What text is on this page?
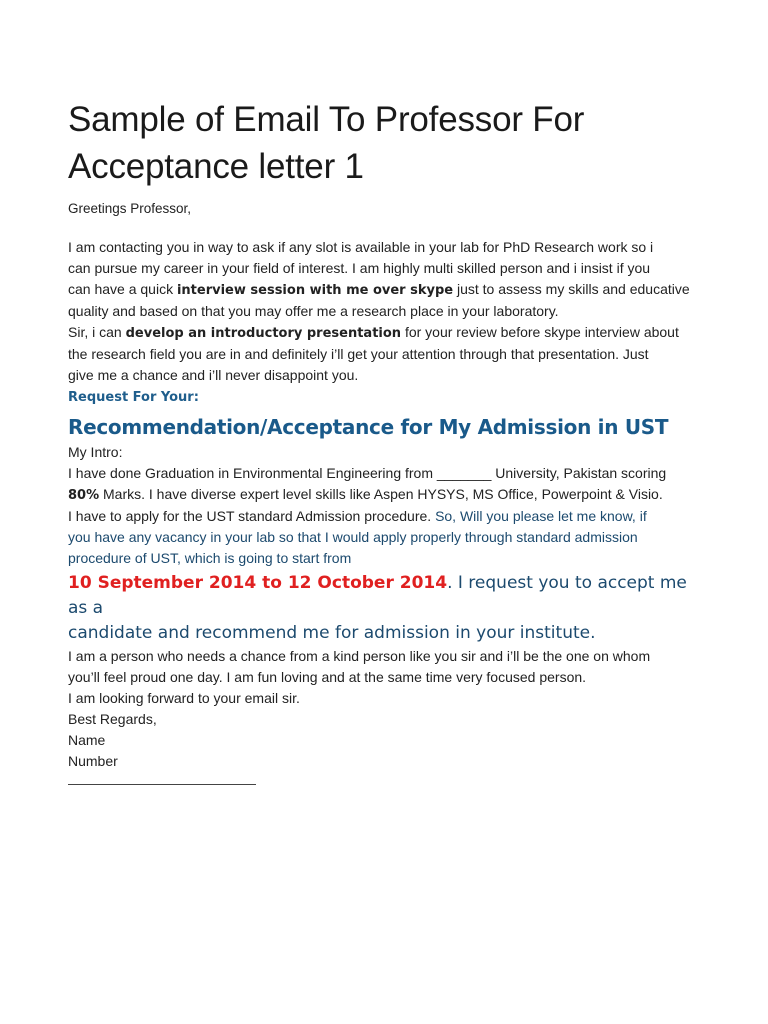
Sample of Email To Professor For
Acceptance letter 1
Greetings Professor,
I am contacting you in way to ask if any slot is available in your lab for PhD Research work so i
can pursue my career in your field of interest. I am highly multi skilled person and i insist if you
can have a quick interview session with me over skype just to assess my skills and educative
quality and based on that you may offer me a research place in your laboratory.
Sir, i can develop an introductory presentation for your review before skype interview about
the research field you are in and definitely i’ll get your attention through that presentation. Just
give me a chance and i’ll never disappoint you.
Request For Your:
Recommendation/Acceptance for My Admission in UST
My Intro:
I have done Graduation in Environmental Engineering from _______ University, Pakistan scoring
80% Marks. I have diverse expert level skills like Aspen HYSYS, MS Office, Powerpoint & Visio.
I have to apply for the UST standard Admission procedure. So, Will you please let me know, if
you have any vacancy in your lab so that I would apply properly through standard admission
procedure of UST, which is going to start from
10 September 2014 to 12 October 2014. I request you to accept me as a
candidate and recommend me for admission in your institute.
I am a person who needs a chance from a kind person like you sir and i’ll be the one on whom
you’ll feel proud one day. I am fun loving and at the same time very focused person.
I am looking forward to your email sir.
Best Regards,
Name
Number
